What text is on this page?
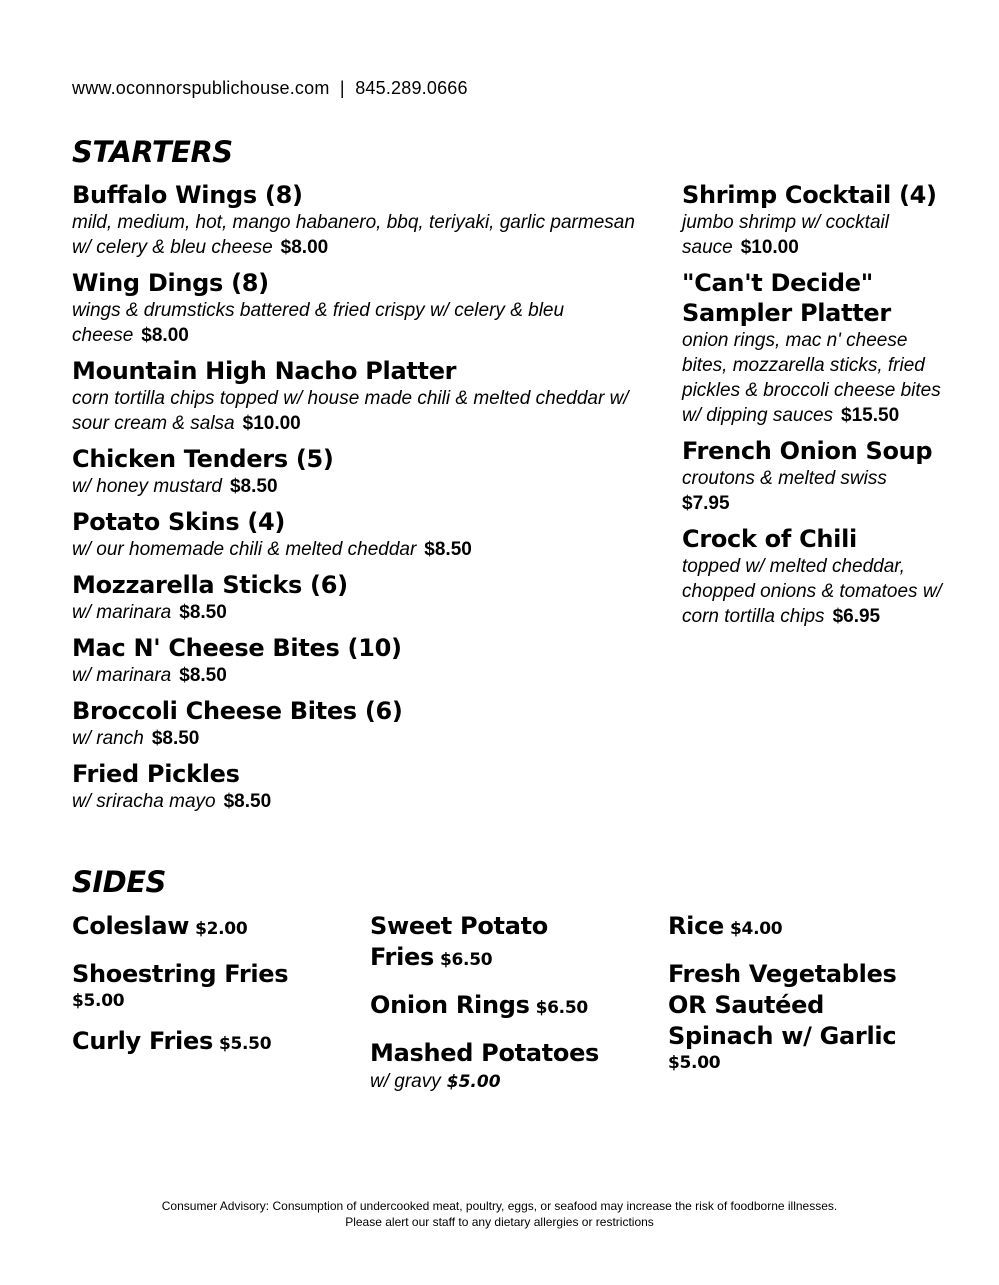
www.oconnorspublichouse.com  |  845.289.0666
STARTERS
Buffalo Wings (8)
mild, medium, hot, mango habanero, bbq, teriyaki, garlic parmesan
w/ celery & bleu cheese $8.00
Wing Dings (8)
wings & drumsticks battered & fried crispy w/ celery & bleu cheese $8.00
Mountain High Nacho Platter
corn tortilla chips topped w/ house made chili & melted cheddar w/ sour cream & salsa $10.00
Chicken Tenders (5)
w/ honey mustard $8.50
Potato Skins (4)
w/ our homemade chili & melted cheddar $8.50
Mozzarella Sticks (6)
w/ marinara $8.50
Mac N' Cheese Bites (10)
w/ marinara $8.50
Broccoli Cheese Bites (6)
w/ ranch $8.50
Fried Pickles
w/ sriracha mayo $8.50
Shrimp Cocktail (4)
jumbo shrimp w/ cocktail sauce $10.00
"Can't Decide" Sampler Platter
onion rings, mac n' cheese bites, mozzarella sticks, fried pickles & broccoli cheese bites w/ dipping sauces $15.50
French Onion Soup
croutons & melted swiss
$7.95
Crock of Chili
topped w/ melted cheddar, chopped onions & tomatoes w/ corn tortilla chips $6.95
SIDES
Coleslaw $2.00
Shoestring Fries
$5.00
Curly Fries $5.50
Sweet Potato Fries $6.50
Onion Rings $6.50
Mashed Potatoes
w/ gravy $5.00
Rice $4.00
Fresh Vegetables OR Sautéed Spinach w/ Garlic
$5.00
Consumer Advisory: Consumption of undercooked meat, poultry, eggs, or seafood may increase the risk of foodborne illnesses.
Please alert our staff to any dietary allergies or restrictions
